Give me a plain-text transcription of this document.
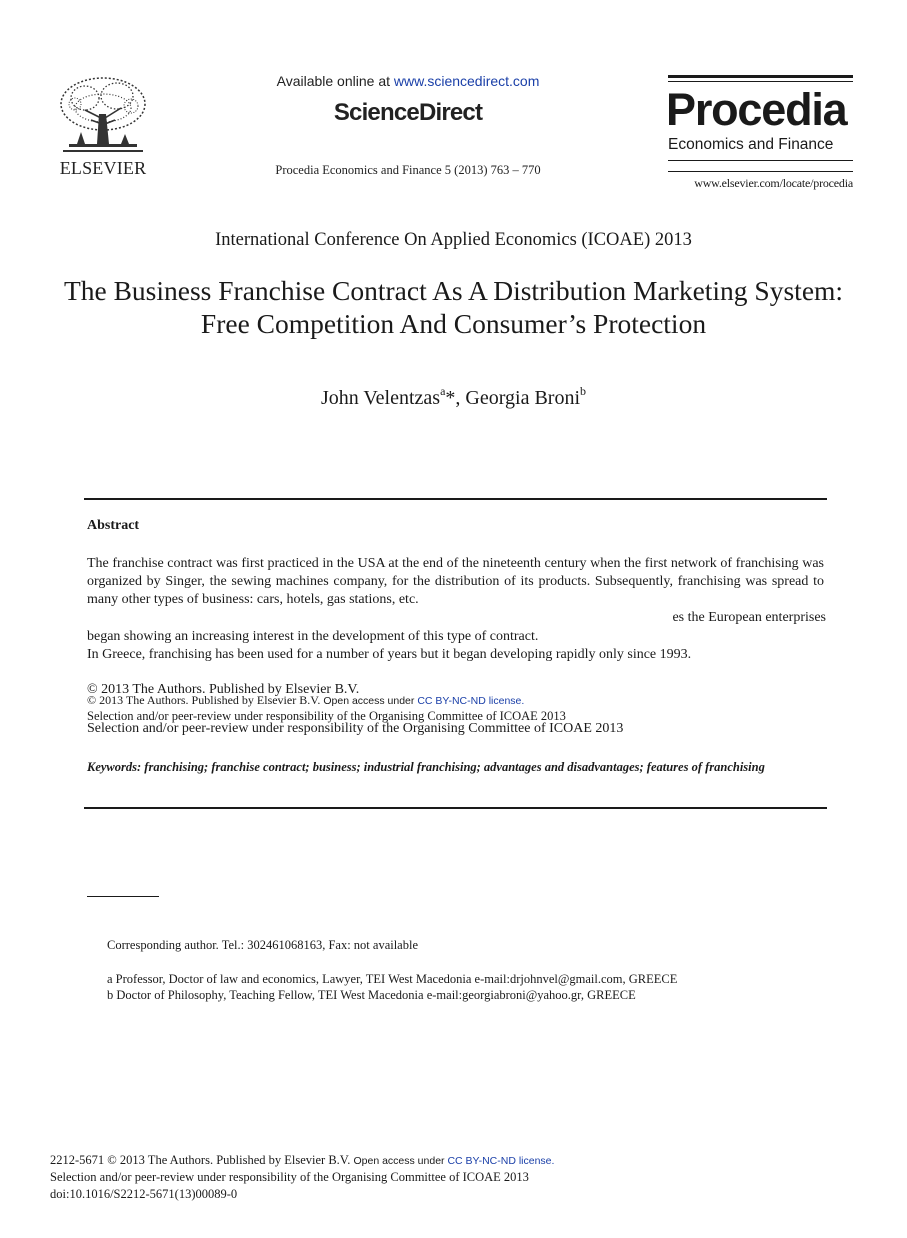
ELSEVIER
Available online at www.sciencedirect.com
ScienceDirect
Procedia Economics and Finance 5 (2013) 763 – 770
Procedia
Economics and Finance
www.elsevier.com/locate/procedia
International Conference On Applied Economics (ICOAE) 2013
The Business Franchise Contract As A Distribution Marketing System: Free Competition And Consumer’s Protection
John Velentzas$^a$*, Georgia Broni$^b$
Abstract
The franchise contract was first practiced in the USA at the end of the nineteenth century when the first network of franchising was organized by Singer, the sewing machines company, for the distribution of its products. Subsequently, franchising was spread to many other types of business: cars, hotels, gas stations, etc.
es the European enterprises
began showing an increasing interest in the development of this type of contract.
In Greece, franchising has been used for a number of years but it began developing rapidly only since 1993.
© 2013 The Authors. Published by Elsevier B.V.
© 2013 The Authors. Published by Elsevier B.V. Open access under CC BY-NC-ND license.
Selection and/or peer-review under responsibility of the Organising Committee of ICOAE 2013
Selection and/or peer-review under responsibility of the Organising Committee of ICOAE 2013
Keywords: franchising; franchise contract; business; industrial franchising; advantages and disadvantages; features of franchising
Corresponding author. Tel.: 302461068163, Fax: not available
a Professor, Doctor of law and economics, Lawyer, TEI West Macedonia e-mail:drjohnvel@gmail.com, GREECE
b Doctor of Philosophy, Teaching Fellow, TEI West Macedonia e-mail:georgiabroni@yahoo.gr, GREECE
2212-5671 © 2013 The Authors. Published by Elsevier B.V. Open access under CC BY-NC-ND license.
Selection and/or peer-review under responsibility of the Organising Committee of ICOAE 2013
doi:10.1016/S2212-5671(13)00089-0
